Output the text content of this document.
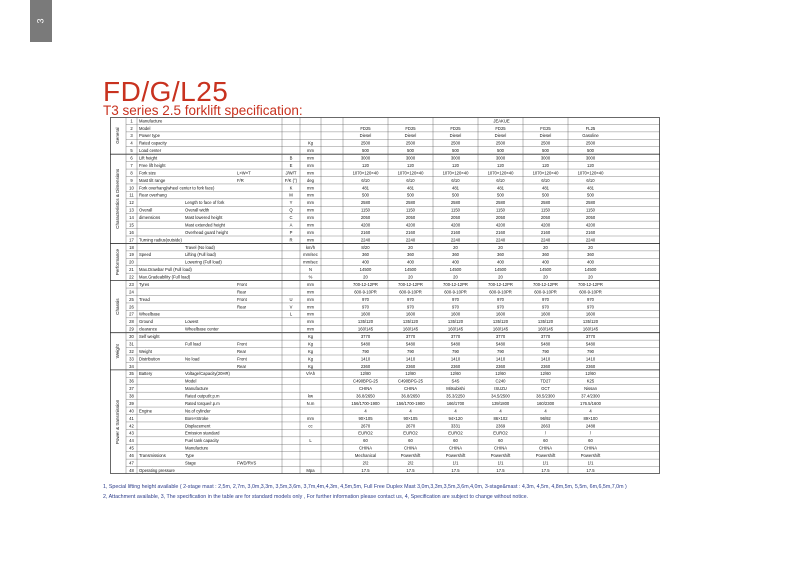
3
FD/G/L25
T3 series 2.5 forklift specification:
General
Characteristics & Dimensions
Performance
Chassis
Weight
Power & transmission
1 Manufacture	JEAKUE
2 Model	FD25	FD25	FD25	FD25	FG25	FL25
3 Power type	Diesel	Diesel	Diesel	Diesel	Diesel	Gasoline
4 Rated capacity	Kg	2500	2500	2500	2500	2500	2500
5 Load center	mm	500	500	500	500	500	500
6 Lift height	B	mm	3000	3000	3000	3000	3000	3000
7 Free lift height	E	mm	120	120	120	120	120	120
8 Fork size	L×W×T	J/W/T	mm	1070×120×40	1070×120×40	1070×120×40	1070×120×40	1070×120×40	1070×120×40
9 Mast tilt range	F/R	F/K (°) deg	6/10	6/10	6/10	6/10	6/10	6/10
10 Fork overhang(wheel center to fork face)	K	mm	481	481	481	481	481	481
11 Rear overhang	M	mm	500	500	500	500	500	500
12	Length to face of fork	Y	mm	2580	2580	2580	2580	2580	2580
13 Overall	Overall width	Q	mm	1150	1150	1150	1150	1150	1150
14 dimensions	Mast lowered height	C	mm	2050	2050	2050	2050	2050	2050
15	Mast extended height	A	mm	4200	4200	4200	4200	4200	4200
16	Overhead guard height	P	mm	2160	2160	2160	2160	2160	2160
17 Turning radius(outside)	R	mm	2240	2240	2240	2240	2240	2240
18	Travel (No load)	km/h	8/20	20	20	20	20	20
19 Speed	Lifting (Full load)	mm/sec	360	360	360	360	360	360
20	Lowering (Full load)	mm/sec	400	400	400	400	400	400
21 Max.Drawbar Pull (Full load)	N	14500	14500	14500	14500	14500	14500
22 Max.Gradeability (Full load)	%	20	20	20	20	20	20
23 Tyres	Front	mm	700-12-12PR	700-12-12PR	700-12-12PR	700-12-12PR	700-12-12PR	700-12-12PR
24	Rear	mm	600-9-10PR	600-9-10PR	600-9-10PR	600-9-10PR	600-9-10PR	600-9-10PR
25 Tread	Front	U	mm	970	970	970	970	970	970
26	Rear	V	mm	970	970	970	970	970	970
27 Wheelbase	L	mm	1600	1600	1600	1600	1600	1600
28 Ground	Lowest	mm	135/120	135/120	135/120	135/120	135/120	135/120
29 clearance	Wheelbase center	mm	160/145	160/145	160/145	160/145	160/145	160/145
30 Self weight	Kg	3770	3770	3770	3770	3770	3770
31	Full load	Front	Kg	5480	5480	5480	5480	5480	5480
32 Weight	Rear	Kg	790	790	790	790	790	790
33 Distribution	No load	Front	Kg	1410	1410	1410	1410	1410	1410
34	Rear	Kg	2360	2360	2360	2360	2360	2360
35 Battery	Voltage/Capacity(20HR)	V/Ah	12/80	12/80	12/60	12/60	12/60	12/60
36	Model	C490BPG-25	C490BPG-25	S4S	C240	TD27	K25
37	Manufacture	CHINA	CHINA	Mitsubishi	ISUZU	GCT	Nissan
38	Rated output/r.p.m	kw	36.8/2650	36.8/2650	35.3/2250	34.5/2500	38.5/2300	37.4/2300
39	Rated torque/r.p.m	N.m	156/1700-1900	156/1700-1900	166/1700	139/1800	160/2300	176.5/1600
40 Engine	No.of cylinder	4	4	4	4	4	4
41	Bore×Stroke	mm	90×105	90×105	94×120	86×102	96/92	89×100
42	Displacement	cc	2670	2670	3331	2369	2663	2488
43	Emission standard	EURO2	EURO2	EURO2	EURO2	/	/
44	Fuel tank capacity	L	60	60	60	60	60	60
45	Manufacture	CHINA	CHINA	CHINA	CHINA	CHINA	CHINA
46 Transmissions	Type	Mechanical	Powershift	Powershift	Powershift	Powershift	Powershift
47	Stage	FWD/RVS	2/2	2/2	1/1	1/1	1/1	1/1
48 Operating pressure	Mpa	17.5	17.5	17.5	17.5	17.5	17.5
1, Special lifting height available ( 2-stage mast : 2,5m, 2,7m, 3,0m,3,3m, 3,5m,3,6m, 3,7m,4m,4,3m, 4,5m,5m, Full Free Duplex Mast 3,0m,3,3m,3,5m,3,6m,4,0m, 3-stage&mast : 4,3m, 4,5m, 4,8m,5m, 5,5m, 6m,6,5m,7,0m )
2, Attachment available, 3, The specification in the table are for standard models only , For further information please contact us, 4, Specification are subject to change without notice.
